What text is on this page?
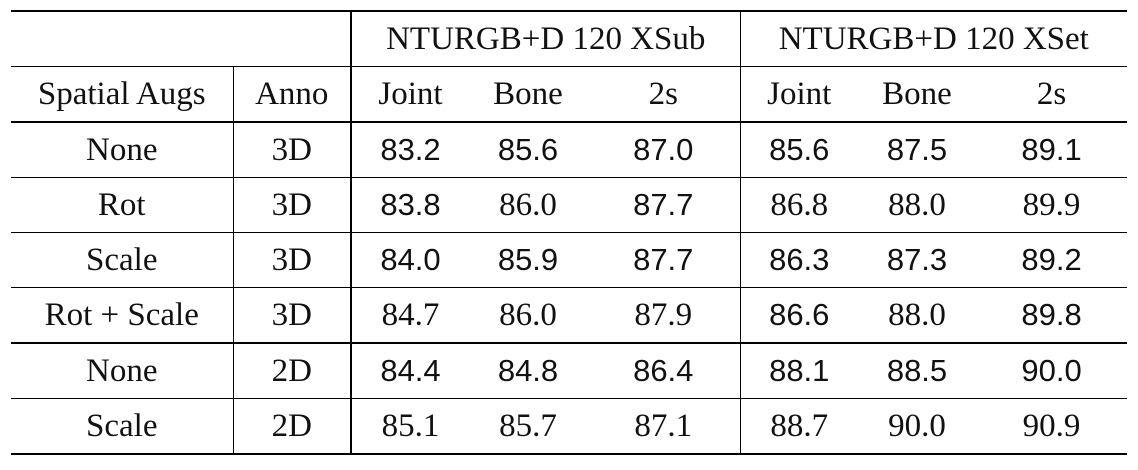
		NTURGB+D 120 XSub			NTURGB+D 120 XSet		
Spatial Augs	Anno	Joint	Bone	2s	Joint	Bone	2s
None	3D	83.2	85.6	87.0	85.6	87.5	89.1
Rot	3D	83.8	86.0	87.7	86.8	88.0	89.9
Scale	3D	84.0	85.9	87.7	86.3	87.3	89.2
Rot + Scale	3D	84.7	86.0	87.9	86.6	88.0	89.8
None	2D	84.4	84.8	86.4	88.1	88.5	90.0
Scale	2D	85.1	85.7	87.1	88.7	90.0	90.9
